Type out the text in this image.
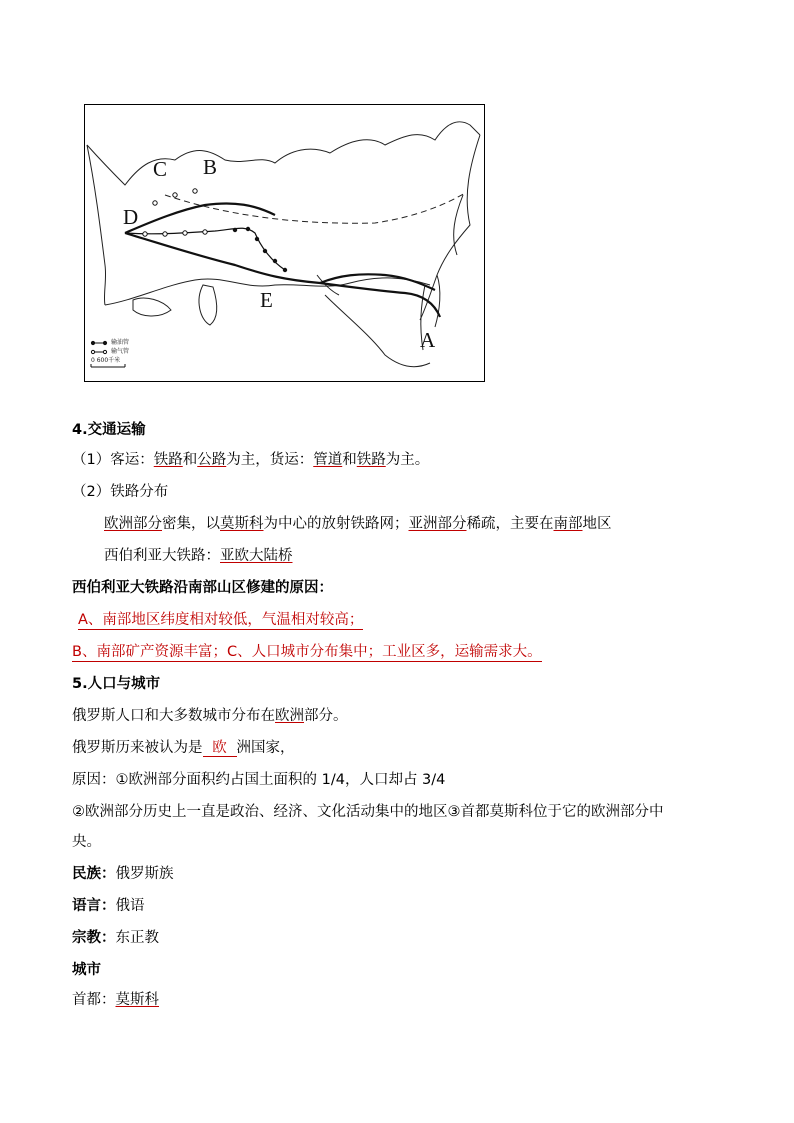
A
B
C
D
E
输油管
输气管
0 600千米
4.交通运输
（1）客运：铁路和公路为主，货运：管道和铁路为主。
（2）铁路分布
欧洲部分密集，以莫斯科为中心的放射铁路网；亚洲部分稀疏，主要在南部地区
西伯利亚大铁路：亚欧大陆桥
西伯利亚大铁路沿南部山区修建的原因：
A、南部地区纬度相对较低，气温相对较高；
B、南部矿产资源丰富；C、人口城市分布集中；工业区多，运输需求大。
5.人口与城市
俄罗斯人口和大多数城市分布在欧洲部分。
俄罗斯历来被认为是 欧 洲国家，
原因：①欧洲部分面积约占国土面积的 1/4，人口却占 3/4
②欧洲部分历史上一直是政治、经济、文化活动集中的地区③首都莫斯科位于它的欧洲部分中
央。
民族：俄罗斯族
语言：俄语
宗教：东正教
城市
首都：莫斯科
